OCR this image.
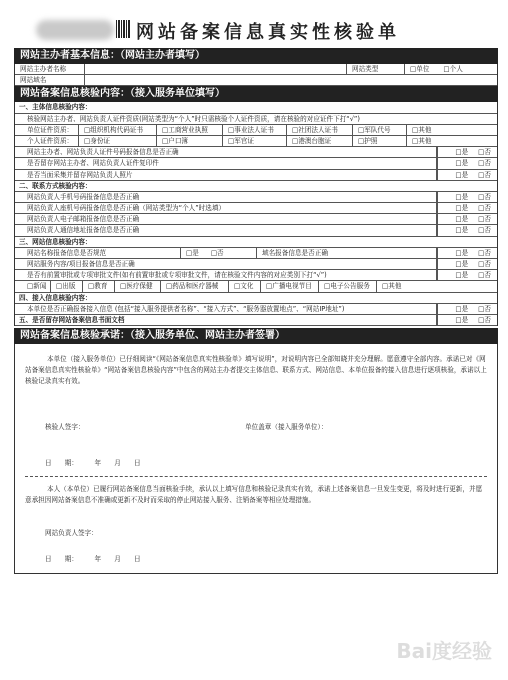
网站备案信息真实性核验单
网站主办者基本信息：（网站主办者填写）
网站主办者名称	网站类型	□单位 □个人
网站域名
网站备案信息核验内容：（接入服务单位填写）
一、主体信息核验内容：
核验网站主办者、网站负责人证件资质(网站类型为“个人”时只需核验个人证件资质，请在核验的对应证件下打“√”)
单位证件资质：	□组织机构代码证书	□工商营业执照	□事业法人证书	□社团法人证书	□军队代号	□其他
个人证件资质：	□身份证	□户口簿	□军官证	□港澳台胞证	□护照	□其他
网站主办者、网站负责人证件号码报备信息是否正确	□是 □否
是否留存网站主办者、网站负责人证件复印件	□是 □否
是否当面采集并留存网站负责人照片	□是 □否
二、联系方式核验内容：
网站负责人手机号码报备信息是否正确	□是 □否
网站负责人座机号码报备信息是否正确（网站类型为“个人”时选填）	□是 □否
网站负责人电子邮箱报备信息是否正确	□是 □否
网站负责人通信地址报备信息是否正确	□是 □否
三、网站信息核验内容：
网站名称报备信息是否规范	□是 □否	域名报备信息是否正确	□是 □否
网站服务内容/项目报备信息是否正确	□是 □否
是否有前置审批或专项审批文件(如有前置审批或专项审批文件，请在核验文件内容的对应类别下打“√”)	□是 □否
□新闻	□出版	□教育	□医疗保健	□药品和医疗器械	□文化	□广播电视节目	□电子公告服务	□其他
四、接入信息核验内容：
本单位是否正确报备接入信息 (包括“接入服务提供者名称”、“接入方式”、“服务器放置地点”、“网站IP地址”)	□是 □否
五、是否留存网站备案信息书面文档	□是 □否
网站备案信息核验承诺：（接入服务单位、网站主办者签署）
本单位（接入服务单位）已仔细阅读“《网站备案信息真实性核验单》填写说明”，对说明内容已全部知晓并充分理解。愿意遵守全部内容。承诺已对《网站备案信息真实性核验单》“网站备案信息核验内容”中包含的网站主办者提交主体信息、联系方式、网站信息、本单位报备的接入信息进行逐项核验，承诺以上核验记录真实有效。
核验人签字：	单位盖章（接入服务单位）：
日　　期：　　　年　　月　　日
本人（本单位）已履行网站备案信息当面核验手续，承认以上填写信息和核验记录真实有效，承诺上述备案信息一旦发生变更，将及时进行更新，并愿意承担因网站备案信息不准确或更新不及时而采取的停止网站接入服务、注销备案等相应处理措施。
网站负责人签字：
日　　期：　　　年　　月　　日
Bai度经验
